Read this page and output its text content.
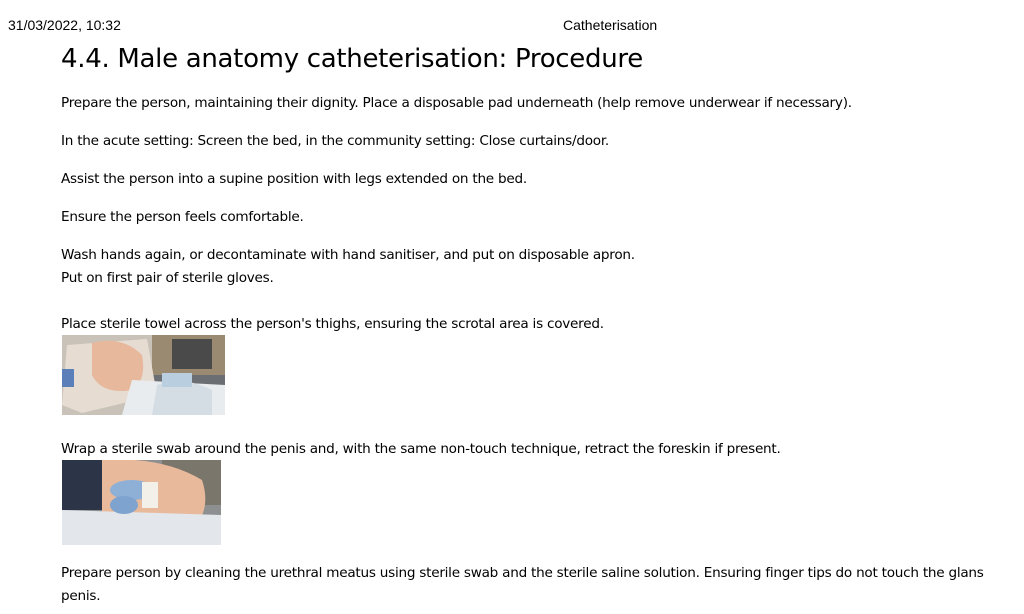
31/03/2022, 10:32	Catheterisation
4.4. Male anatomy catheterisation: Procedure

Prepare the person, maintaining their dignity. Place a disposable pad underneath (help remove underwear if necessary).

In the acute setting: Screen the bed, in the community setting: Close curtains/door.

Assist the person into a supine position with legs extended on the bed.

Ensure the person feels comfortable.

Wash hands again, or decontaminate with hand sanitiser, and put on disposable apron.

Put on first pair of sterile gloves.

Place sterile towel across the person's thighs, ensuring the scrotal area is covered.

Wrap a sterile swab around the penis and, with the same non-touch technique, retract the foreskin if present.

Prepare person by cleaning the urethral meatus using sterile swab and the sterile saline solution. Ensuring finger tips do not touch the glans penis.
